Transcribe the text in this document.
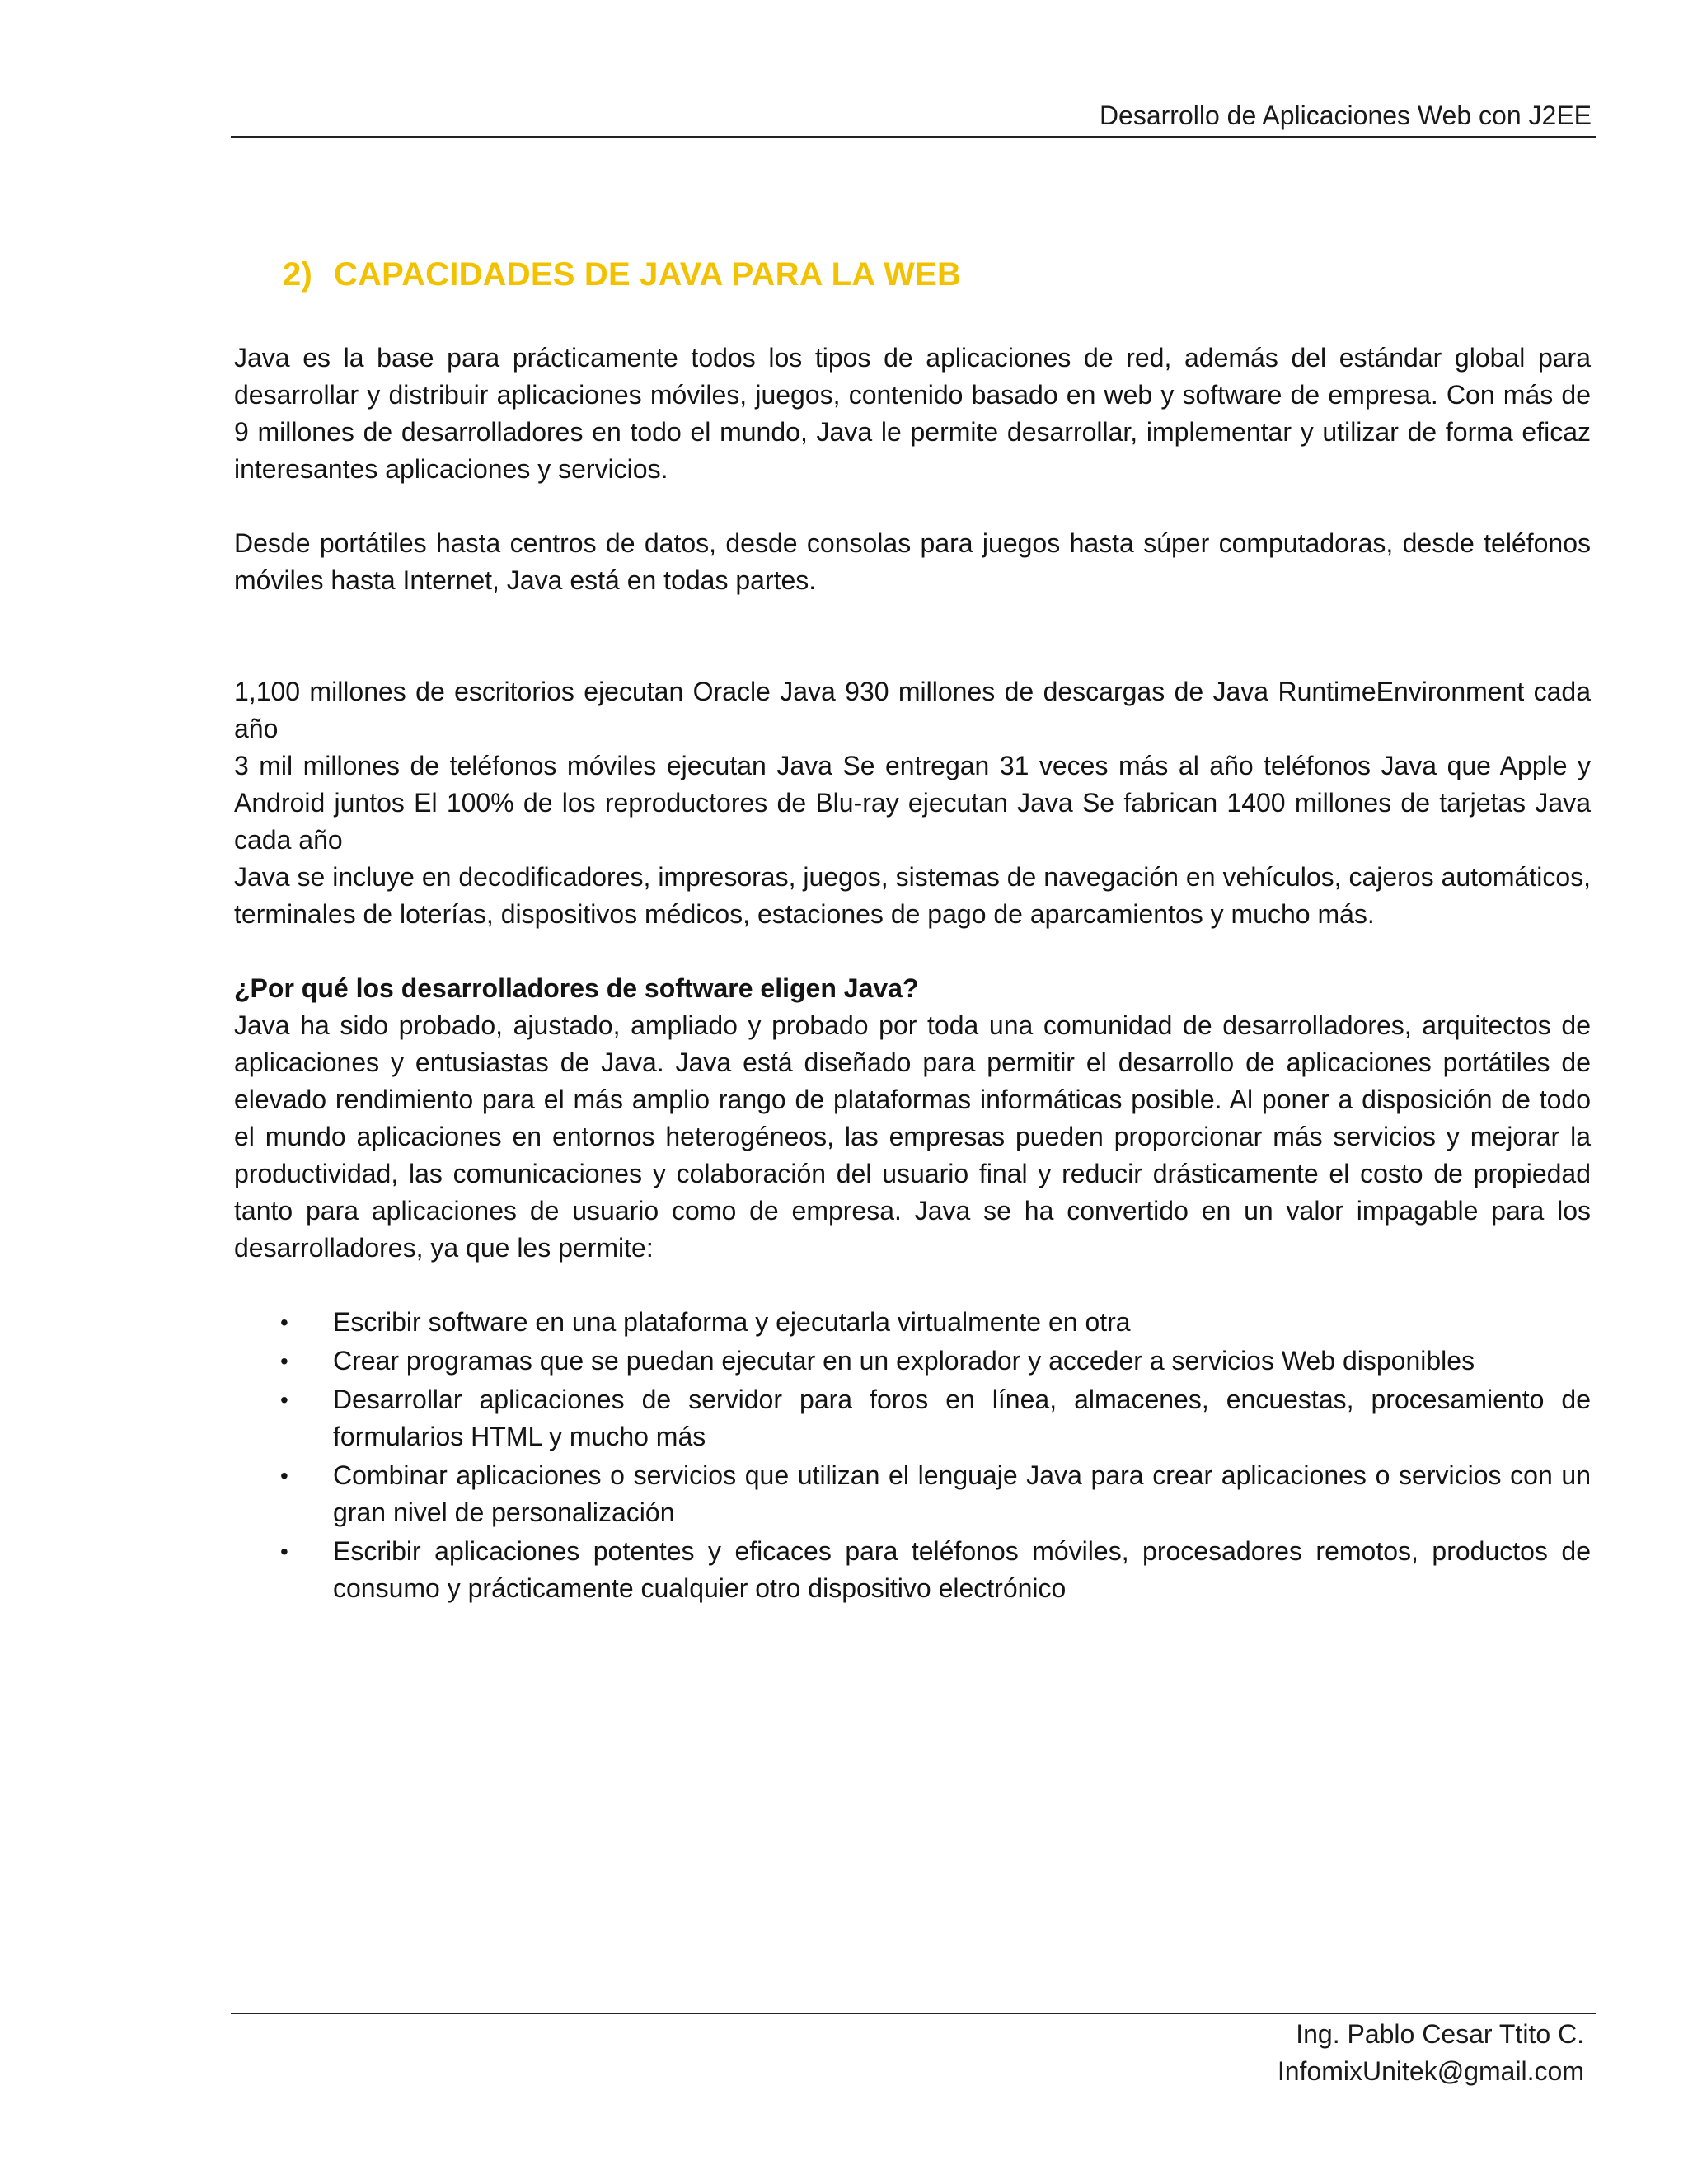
Desarrollo de Aplicaciones Web con J2EE
2) CAPACIDADES DE JAVA PARA LA WEB

Java es la base para prácticamente todos los tipos de aplicaciones de red, además del estándar global para desarrollar y distribuir aplicaciones móviles, juegos, contenido basado en web y software de empresa. Con más de 9 millones de desarrolladores en todo el mundo, Java le permite desarrollar, implementar y utilizar de forma eficaz interesantes aplicaciones y servicios.

Desde portátiles hasta centros de datos, desde consolas para juegos hasta súper computadoras, desde teléfonos móviles hasta Internet, Java está en todas partes.

1,100 millones de escritorios ejecutan Oracle Java 930 millones de descargas de Java RuntimeEnvironment cada año

3 mil millones de teléfonos móviles ejecutan Java Se entregan 31 veces más al año teléfonos Java que Apple y Android juntos El 100% de los reproductores de Blu-ray ejecutan Java Se fabrican 1400 millones de tarjetas Java cada año

Java se incluye en decodificadores, impresoras, juegos, sistemas de navegación en vehículos, cajeros automáticos, terminales de loterías, dispositivos médicos, estaciones de pago de aparcamientos y mucho más.

¿Por qué los desarrolladores de software eligen Java?

Java ha sido probado, ajustado, ampliado y probado por toda una comunidad de desarrolladores, arquitectos de aplicaciones y entusiastas de Java. Java está diseñado para permitir el desarrollo de aplicaciones portátiles de elevado rendimiento para el más amplio rango de plataformas informáticas posible. Al poner a disposición de todo el mundo aplicaciones en entornos heterogéneos, las empresas pueden proporcionar más servicios y mejorar la productividad, las comunicaciones y colaboración del usuario final y reducir drásticamente el costo de propiedad tanto para aplicaciones de usuario como de empresa. Java se ha convertido en un valor impagable para los desarrolladores, ya que les permite:

• Escribir software en una plataforma y ejecutarla virtualmente en otra
• Crear programas que se puedan ejecutar en un explorador y acceder a servicios Web disponibles
• Desarrollar aplicaciones de servidor para foros en línea, almacenes, encuestas, procesamiento de formularios HTML y mucho más
• Combinar aplicaciones o servicios que utilizan el lenguaje Java para crear aplicaciones o servicios con un gran nivel de personalización
• Escribir aplicaciones potentes y eficaces para teléfonos móviles, procesadores remotos, productos de consumo y prácticamente cualquier otro dispositivo electrónico
Ing. Pablo Cesar Ttito C.
InfomixUnitek@gmail.com
